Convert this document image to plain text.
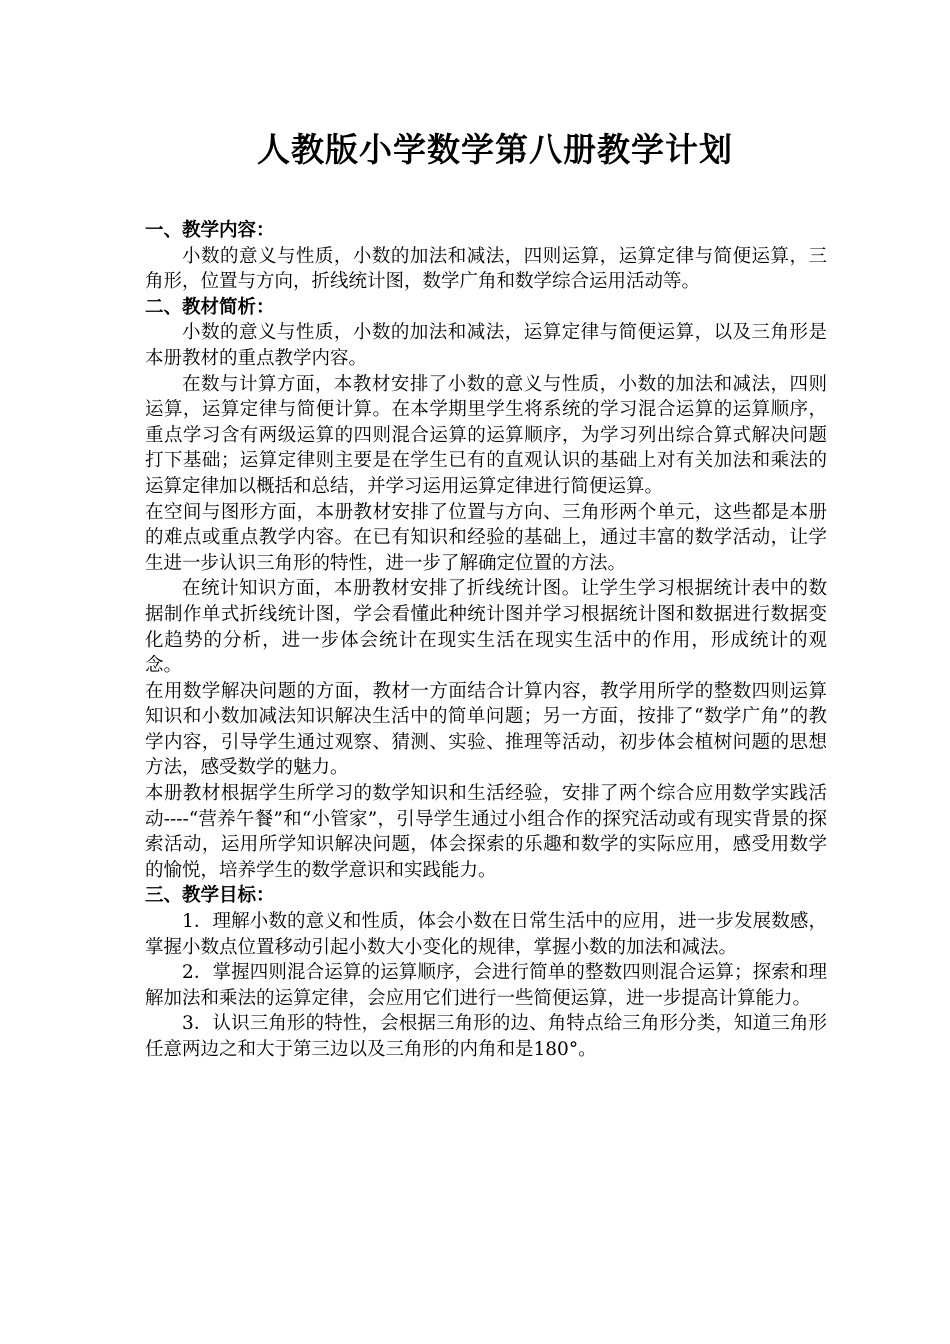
人教版小学数学第八册教学计划

一、教学内容：

小数的意义与性质，小数的加法和减法，四则运算，运算定律与简便运算，三角形，位置与方向，折线统计图，数学广角和数学综合运用活动等。

二、教材简析：

小数的意义与性质，小数的加法和减法，运算定律与简便运算，以及三角形是本册教材的重点教学内容。

在数与计算方面，本教材安排了小数的意义与性质，小数的加法和减法，四则运算，运算定律与简便计算。在本学期里学生将系统的学习混合运算的运算顺序，重点学习含有两级运算的四则混合运算的运算顺序，为学习列出综合算式解决问题打下基础；运算定律则主要是在学生已有的直观认识的基础上对有关加法和乘法的运算定律加以概括和总结，并学习运用运算定律进行简便运算。

在空间与图形方面，本册教材安排了位置与方向、三角形两个单元，这些都是本册的难点或重点教学内容。在已有知识和经验的基础上，通过丰富的数学活动，让学生进一步认识三角形的特性，进一步了解确定位置的方法。

在统计知识方面，本册教材安排了折线统计图。让学生学习根据统计表中的数据制作单式折线统计图，学会看懂此种统计图并学习根据统计图和数据进行数据变化趋势的分析，进一步体会统计在现实生活在现实生活中的作用，形成统计的观念。

在用数学解决问题的方面，教材一方面结合计算内容，教学用所学的整数四则运算知识和小数加减法知识解决生活中的简单问题；另一方面，按排了“数学广角”的教学内容，引导学生通过观察、猜测、实验、推理等活动，初步体会植树问题的思想方法，感受数学的魅力。

本册教材根据学生所学习的数学知识和生活经验，安排了两个综合应用数学实践活动----“营养午餐”和“小管家”，引导学生通过小组合作的探究活动或有现实背景的探索活动，运用所学知识解决问题，体会探索的乐趣和数学的实际应用，感受用数学的愉悦，培养学生的数学意识和实践能力。

三、教学目标：

1．理解小数的意义和性质，体会小数在日常生活中的应用，进一步发展数感，掌握小数点位置移动引起小数大小变化的规律，掌握小数的加法和减法。

2．掌握四则混合运算的运算顺序，会进行简单的整数四则混合运算；探索和理解加法和乘法的运算定律，会应用它们进行一些简便运算，进一步提高计算能力。

3．认识三角形的特性，会根据三角形的边、角特点给三角形分类，知道三角形任意两边之和大于第三边以及三角形的内角和是180°。
